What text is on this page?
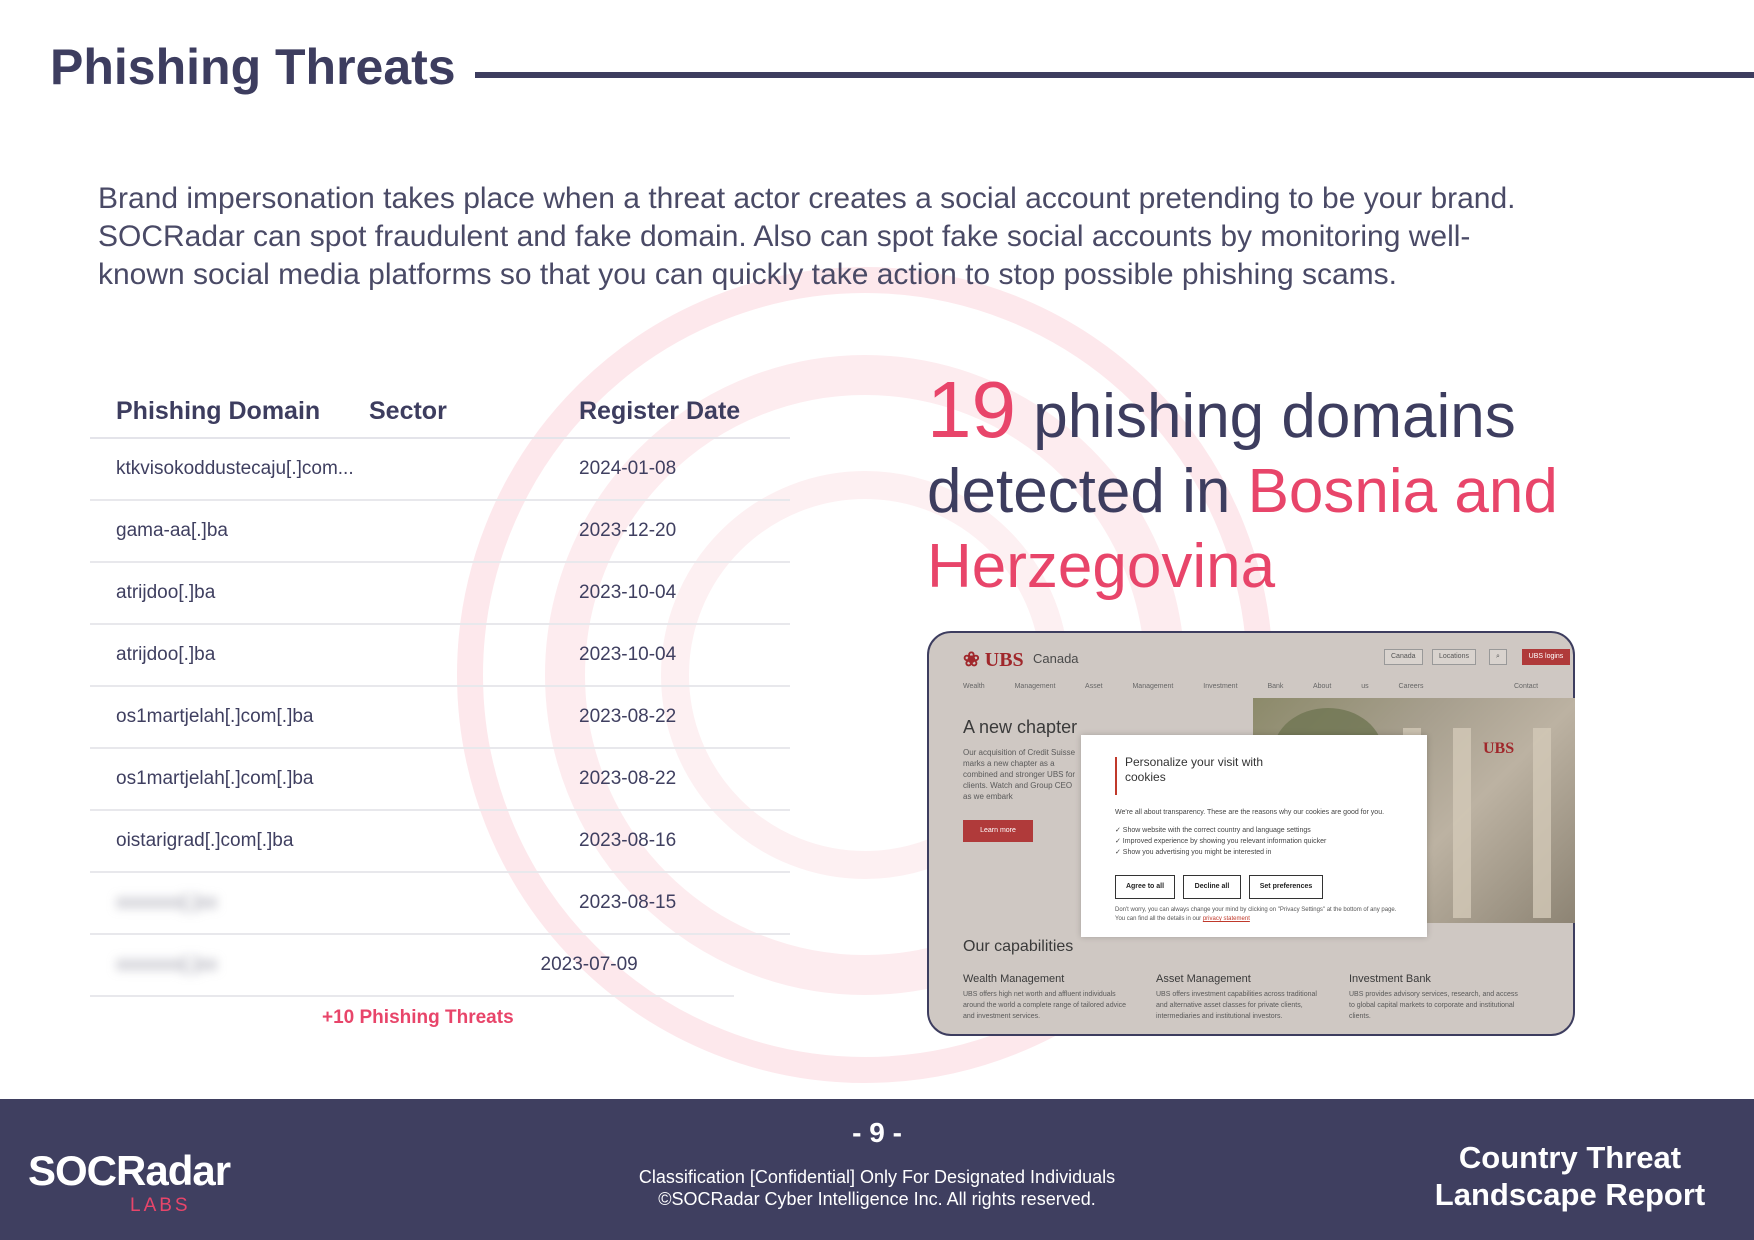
Phishing Threats

Brand impersonation takes place when a threat actor creates a social account pretending to be your brand. SOCRadar can spot fraudulent and fake domain. Also can spot fake social accounts by monitoring well-known social media platforms so that you can quickly take action to stop possible phishing scams.

Phishing Domain	Sector	Register Date
ktkvisokoddustecaju[.]com...	2024-01-08
gama-aa[.]ba	2023-12-20
atrijdoo[.]ba	2023-10-04
atrijdoo[.]ba	2023-10-04
os1martjelah[.]com[.]ba	2023-08-22
os1martjelah[.]com[.]ba	2023-08-22
oistarigrad[.]com[.]ba	2023-08-16
xxxxxxx[.]xx	2023-08-15
xxxxxxx[.]xx	2023-07-09
+10 Phishing Threats
19 phishing domains detected in Bosnia and Herzegovina
❀ UBS Canada	Canada	Locations	⌕	UBS logins
Wealth Management Asset Management Investment Bank About us Careers	Contact
UBS
A new chapter
Our acquisition of Credit Suisse marks a new chapter as a combined and stronger UBS for clients. Watch and Group CEO as we embark
Learn more
Personalize your visit with cookies
We're all about transparency. These are the reasons why our cookies are good for you.
✓ Show website with the correct country and language settings
✓ Improved experience by showing you relevant information quicker
✓ Show you advertising you might be interested in
Agree to all	Decline all	Set preferences
Don't worry, you can always change your mind by clicking on "Privacy Settings" at the bottom of any page. You can find all the details in our privacy statement
Our capabilities
Wealth Management
UBS offers high net worth and affluent individuals around the world a complete range of tailored advice and investment services.
Asset Management
UBS offers investment capabilities across traditional and alternative asset classes for private clients, intermediaries and institutional investors.
Investment Bank
UBS provides advisory services, research, and access to global capital markets to corporate and institutional clients.
SOCRadar
LABS
- 9 -
Classification [Confidential] Only For Designated Individuals
©SOCRadar Cyber Intelligence Inc. All rights reserved.
Country Threat Landscape Report
